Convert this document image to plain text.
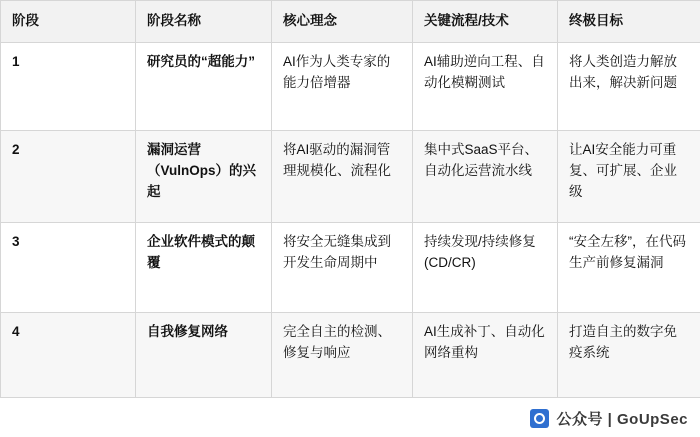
阶段	阶段名称	核心理念	关键流程/技术	终极目标
1	研究员的“超能力”	AI作为人类专家的能力倍增器	AI辅助逆向工程、自动化模糊测试	将人类创造力解放出来，解决新问题
2	漏洞运营（VulnOps）的兴起	将AI驱动的漏洞管理规模化、流程化	集中式SaaS平台、自动化运营流水线	让AI安全能力可重复、可扩展、企业级
3	企业软件模式的颠覆	将安全无缝集成到开发生命周期中	持续发现/持续修复 (CD/CR)	“安全左移”，在代码生产前修复漏洞
4	自我修复网络	完全自主的检测、修复与响应	AI生成补丁、自动化网络重构	打造自主的数字免疫系统
公众号 | GoUpSec
